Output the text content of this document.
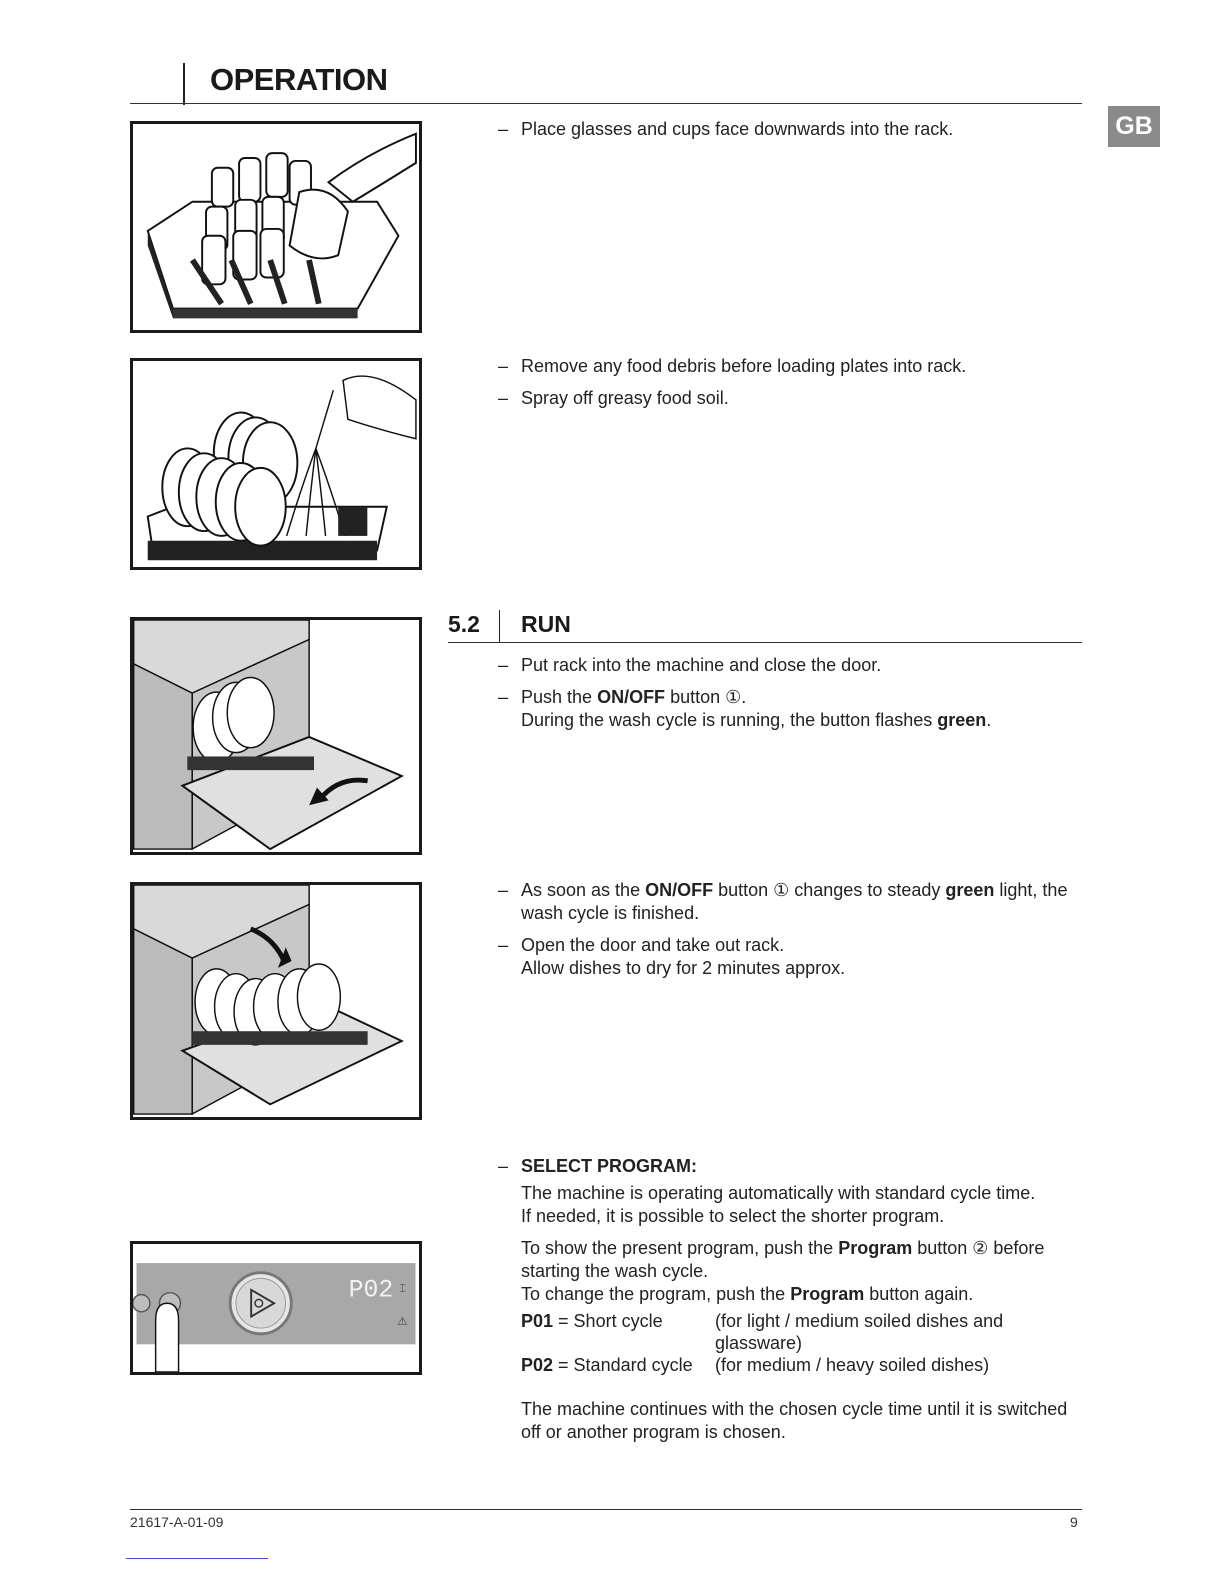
OPERATION
GB
P02 ⌶
⚠
– Place glasses and cups face downwards into the rack.
– Remove any food debris before loading plates into rack.
– Spray off greasy food soil.
5.2 RUN
– Put rack into the machine and close the door.
– Push the ON/OFF button ①.
During the wash cycle is running, the button flashes green.
– As soon as the ON/OFF button ① changes to steady green light, the wash cycle is finished.
– Open the door and take out rack.
Allow dishes to dry for 2 minutes approx.
– SELECT PROGRAM:
The machine is operating automatically with standard cycle time.
If needed, it is possible to select the shorter program.
To show the present program, push the Program button ② before starting the wash cycle.
To change the program, push the Program button again.
P01 = Short cycle	(for light / medium soiled dishes and glassware)
P02 = Standard cycle	(for medium / heavy soiled dishes)
The machine continues with the chosen cycle time until it is switched off or another program is chosen.
21617-A-01-09	9
